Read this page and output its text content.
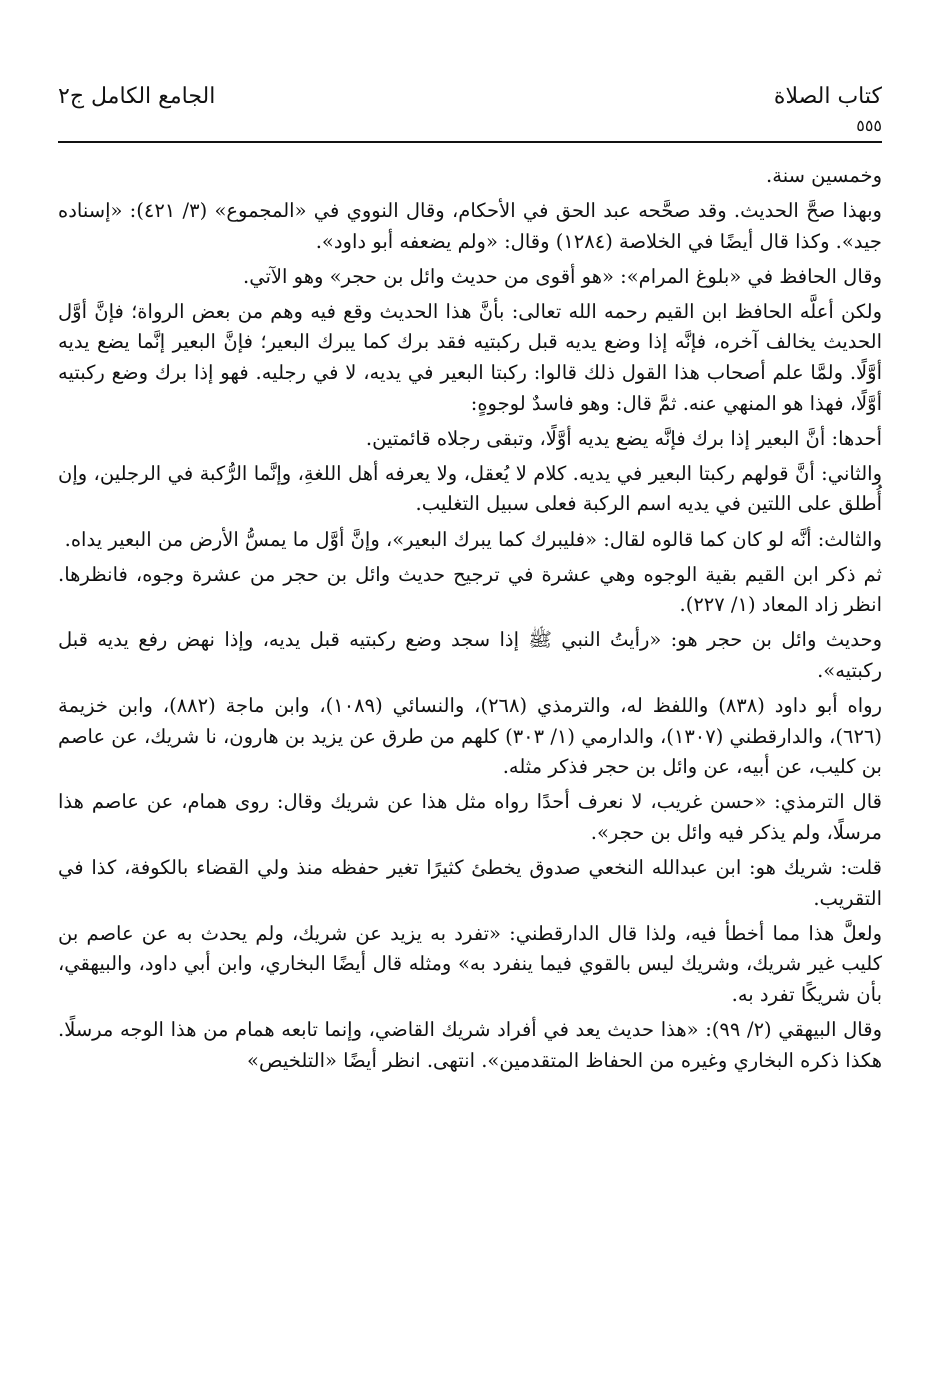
كتاب الصلاة
الجامع الكامل ج٢
٥٥٥

وخمسين سنة.

وبهذا صحَّ الحديث. وقد صحَّحه عبد الحق في الأحكام، وقال النووي في «المجموع» (٣/ ٤٢١): «إسناده جيد». وكذا قال أيضًا في الخلاصة (١٢٨٤) وقال: «ولم يضعفه أبو داود».

وقال الحافظ في «بلوغ المرام»: «هو أقوى من حديث وائل بن حجر» وهو الآتي.

ولكن أعلَّه الحافظ ابن القيم رحمه الله تعالى: بأنَّ هذا الحديث وقع فيه وهم من بعض الرواة؛ فإنَّ أوَّل الحديث يخالف آخره، فإنَّه إذا وضع يديه قبل ركبتيه فقد برك كما يبرك البعير؛ فإنَّ البعير إنَّما يضع يديه أوَّلًا. ولمَّا علم أصحاب هذا القول ذلك قالوا: ركبتا البعير في يديه، لا في رجليه. فهو إذا برك وضع ركبتيه أوَّلًا، فهذا هو المنهي عنه. ثمَّ قال: وهو فاسدٌ لوجوهٍ:

أحدها: أنَّ البعير إذا برك فإنَّه يضع يديه أوَّلًا، وتبقى رجلاه قائمتين.

والثاني: أنَّ قولهم ركبتا البعير في يديه. كلام لا يُعقل، ولا يعرفه أهل اللغةِ، وإنَّما الرُّكبة في الرجلين، وإن أُطلق على اللتين في يديه اسم الركبة فعلى سبيل التغليب.

والثالث: أنَّه لو كان كما قالوه لقال: «فليبرك كما يبرك البعير»، وإنَّ أوَّل ما يمسُّ الأرض من البعير يداه.

ثم ذكر ابن القيم بقية الوجوه وهي عشرة في ترجيح حديث وائل بن حجر من عشرة وجوه، فانظرها. انظر زاد المعاد (١/ ٢٢٧).

وحديث وائل بن حجر هو: «رأيتُ النبي ﷺ إذا سجد وضع ركبتيه قبل يديه، وإذا نهض رفع يديه قبل ركبتيه».

رواه أبو داود (٨٣٨) واللفظ له، والترمذي (٢٦٨)، والنسائي (١٠٨٩)، وابن ماجة (٨٨٢)، وابن خزيمة (٦٢٦)، والدارقطني (١٣٠٧)، والدارمي (١/ ٣٠٣) كلهم من طرق عن يزيد بن هارون، نا شريك، عن عاصم بن كليب، عن أبيه، عن وائل بن حجر فذكر مثله.

قال الترمذي: «حسن غريب، لا نعرف أحدًا رواه مثل هذا عن شريك وقال: روى همام، عن عاصم هذا مرسلًا، ولم يذكر فيه وائل بن حجر».

قلت: شريك هو: ابن عبدالله النخعي صدوق يخطئ كثيرًا تغير حفظه منذ ولي القضاء بالكوفة، كذا في التقريب.

ولعلَّ هذا مما أخطأ فيه، ولذا قال الدارقطني: «تفرد به يزيد عن شريك، ولم يحدث به عن عاصم بن كليب غير شريك، وشريك ليس بالقوي فيما ينفرد به» ومثله قال أيضًا البخاري، وابن أبي داود، والبيهقي، بأن شريكًا تفرد به.

وقال البيهقي (٢/ ٩٩): «هذا حديث يعد في أفراد شريك القاضي، وإنما تابعه همام من هذا الوجه مرسلًا. هكذا ذكره البخاري وغيره من الحفاظ المتقدمين». انتهى. انظر أيضًا «التلخيص»
